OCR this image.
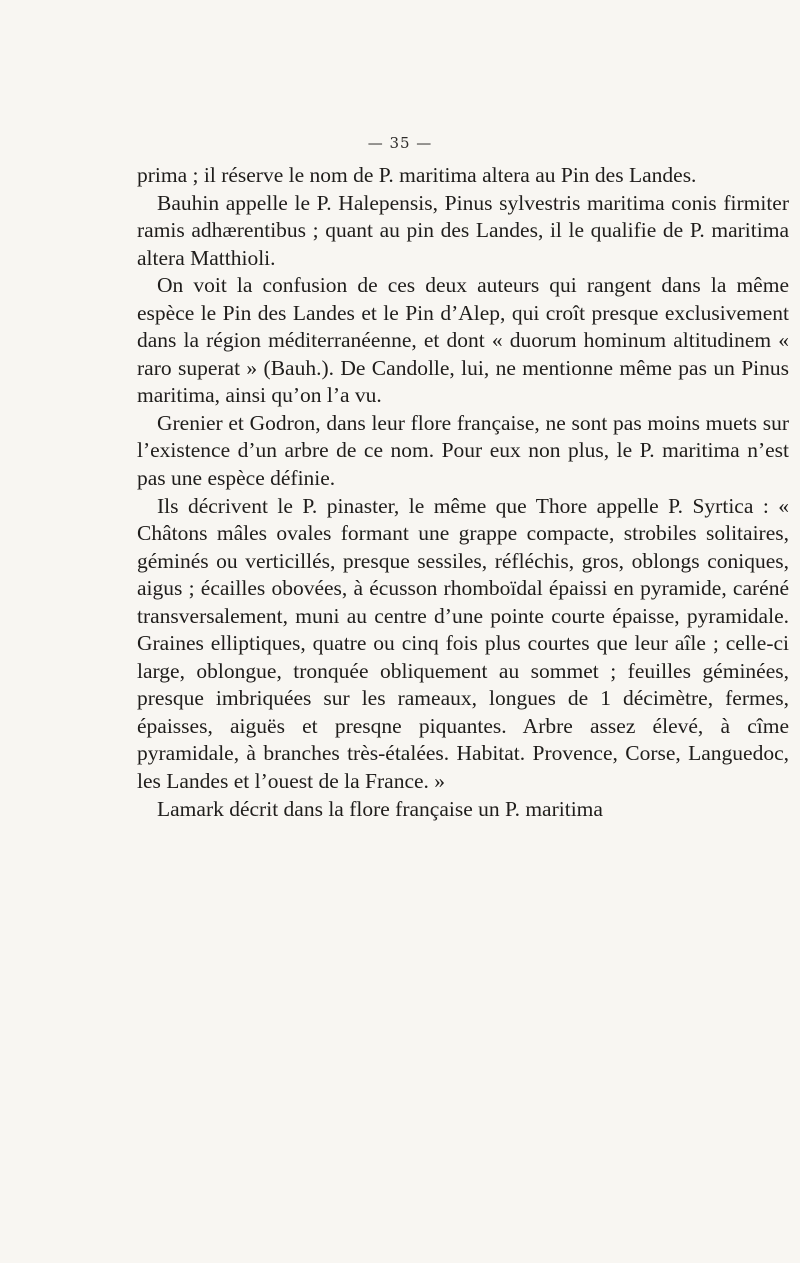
— 35 —

prima ; il réserve le nom de P. maritima altera au Pin des Landes.

Bauhin appelle le P. Halepensis, Pinus sylvestris maritima conis firmiter ramis adhærentibus ; quant au pin des Landes, il le qualifie de P. maritima altera Matthioli.

On voit la confusion de ces deux auteurs qui rangent dans la même espèce le Pin des Landes et le Pin d’Alep, qui croît presque exclusivement dans la région méditerranéenne, et dont « duorum hominum altitudinem « raro superat » (Bauh.). De Candolle, lui, ne mentionne même pas un Pinus maritima, ainsi qu’on l’a vu.

Grenier et Godron, dans leur flore française, ne sont pas moins muets sur l’existence d’un arbre de ce nom. Pour eux non plus, le P. maritima n’est pas une espèce définie.

Ils décrivent le P. pinaster, le même que Thore appelle P. Syrtica : « Châtons mâles ovales formant une grappe compacte, strobiles solitaires, géminés ou verticillés, presque sessiles, réfléchis, gros, oblongs coniques, aigus ; écailles obovées, à écusson rhomboïdal épaissi en pyramide, caréné transversalement, muni au centre d’une pointe courte épaisse, pyramidale. Graines elliptiques, quatre ou cinq fois plus courtes que leur aîle ; celle-ci large, oblongue, tronquée obliquement au sommet ; feuilles géminées, presque imbriquées sur les rameaux, longues de 1 décimètre, fermes, épaisses, aiguës et presqne piquantes. Arbre assez élevé, à cîme pyramidale, à branches très-étalées. Habitat. Provence, Corse, Languedoc, les Landes et l’ouest de la France. »

Lamark décrit dans la flore française un P. maritima
